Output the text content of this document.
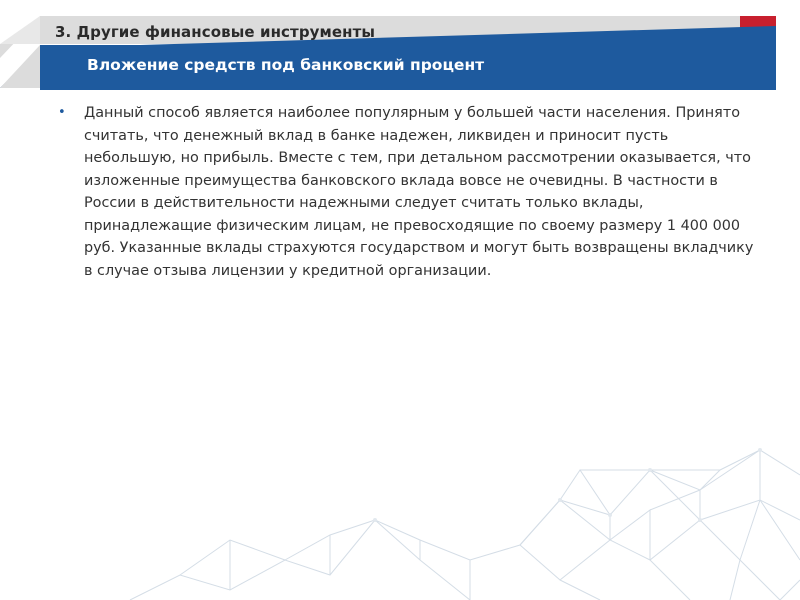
3. Другие финансовые инструменты
Вложение средств под банковский процент
• Данный способ является наиболее популярным у большей части населения. Принято считать, что денежный вклад в банке надежен, ликвиден и приносит пусть небольшую, но прибыль. Вместе с тем, при детальном рассмотрении оказывается, что изложенные преимущества банковского вклада вовсе не очевидны. В частности в России в действительности надежными следует считать только вклады, принадлежащие физическим лицам, не превосходящие по своему размеру 1 400 000 руб. Указанные вклады страхуются государством и могут быть возвращены вкладчику в случае отзыва лицензии у кредитной организации.
